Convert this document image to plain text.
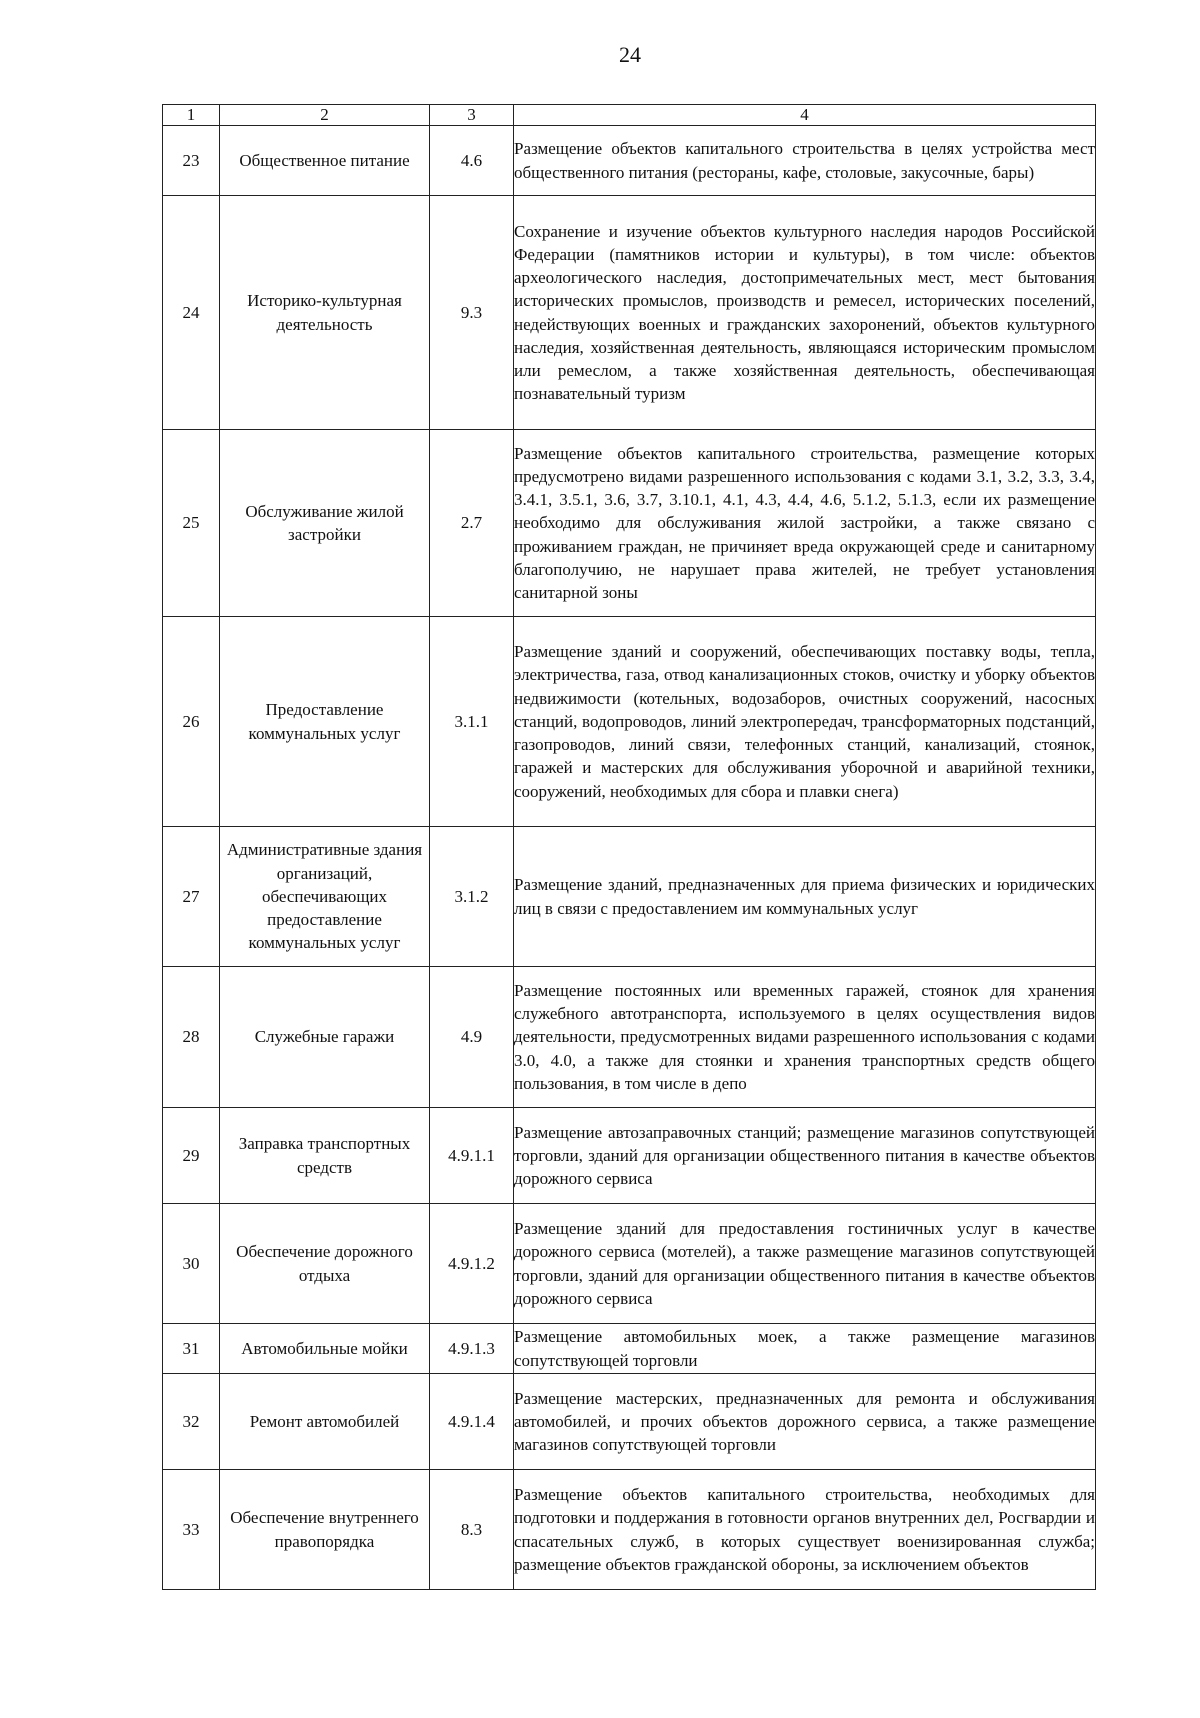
24
1	2	3	4
23	Общественное питание	4.6	Размещение объектов капитального строительства в целях устройства мест общественного питания (рестораны, кафе, столовые, закусочные, бары)
24	Историко-культурная деятельность	9.3	Сохранение и изучение объектов культурного наследия народов Российской Федерации (памятников истории и культуры), в том числе: объектов археологического наследия, достопримечательных мест, мест бытования исторических промыслов, производств и ремесел, исторических поселений, недействующих военных и гражданских захоронений, объектов культурного наследия, хозяйственная деятельность, являющаяся историческим промыслом или ремеслом, а также хозяйственная деятельность, обеспечивающая познавательный туризм
25	Обслуживание жилой застройки	2.7	Размещение объектов капитального строительства, размещение которых предусмотрено видами разрешенного использования с кодами 3.1, 3.2, 3.3, 3.4, 3.4.1, 3.5.1, 3.6, 3.7, 3.10.1, 4.1, 4.3, 4.4, 4.6, 5.1.2, 5.1.3, если их размещение необходимо для обслуживания жилой застройки, а также связано с проживанием граждан, не причиняет вреда окружающей среде и санитарному благополучию, не нарушает права жителей, не требует установления санитарной зоны
26	Предоставление коммунальных услуг	3.1.1	Размещение зданий и сооружений, обеспечивающих поставку воды, тепла, электричества, газа, отвод канализационных стоков, очистку и уборку объектов недвижимости (котельных, водозаборов, очистных сооружений, насосных станций, водопроводов, линий электропередач, трансформаторных подстанций, газопроводов, линий связи, телефонных станций, канализаций, стоянок, гаражей и мастерских для обслуживания уборочной и аварийной техники, сооружений, необходимых для сбора и плавки снега)
27	Административные здания организаций, обеспечивающих предоставление коммунальных услуг	3.1.2	Размещение зданий, предназначенных для приема физических и юридических лиц в связи с предоставлением им коммунальных услуг
28	Служебные гаражи	4.9	Размещение постоянных или временных гаражей, стоянок для хранения служебного автотранспорта, используемого в целях осуществления видов деятельности, предусмотренных видами разрешенного использования с кодами 3.0, 4.0, а также для стоянки и хранения транспортных средств общего пользования, в том числе в депо
29	Заправка транспортных средств	4.9.1.1	Размещение автозаправочных станций; размещение магазинов сопутствующей торговли, зданий для организации общественного питания в качестве объектов дорожного сервиса
30	Обеспечение дорожного отдыха	4.9.1.2	Размещение зданий для предоставления гостиничных услуг в качестве дорожного сервиса (мотелей), а также размещение магазинов сопутствующей торговли, зданий для организации общественного питания в качестве объектов дорожного сервиса
31	Автомобильные мойки	4.9.1.3	Размещение автомобильных моек, а также размещение магазинов сопутствующей торговли
32	Ремонт автомобилей	4.9.1.4	Размещение мастерских, предназначенных для ремонта и обслуживания автомобилей, и прочих объектов дорожного сервиса, а также размещение магазинов сопутствующей торговли
33	Обеспечение внутреннего правопорядка	8.3	Размещение объектов капитального строительства, необходимых для подготовки и поддержания в готовности органов внутренних дел, Росгвардии и спасательных служб, в которых существует военизированная служба; размещение объектов гражданской обороны, за исключением объектов
